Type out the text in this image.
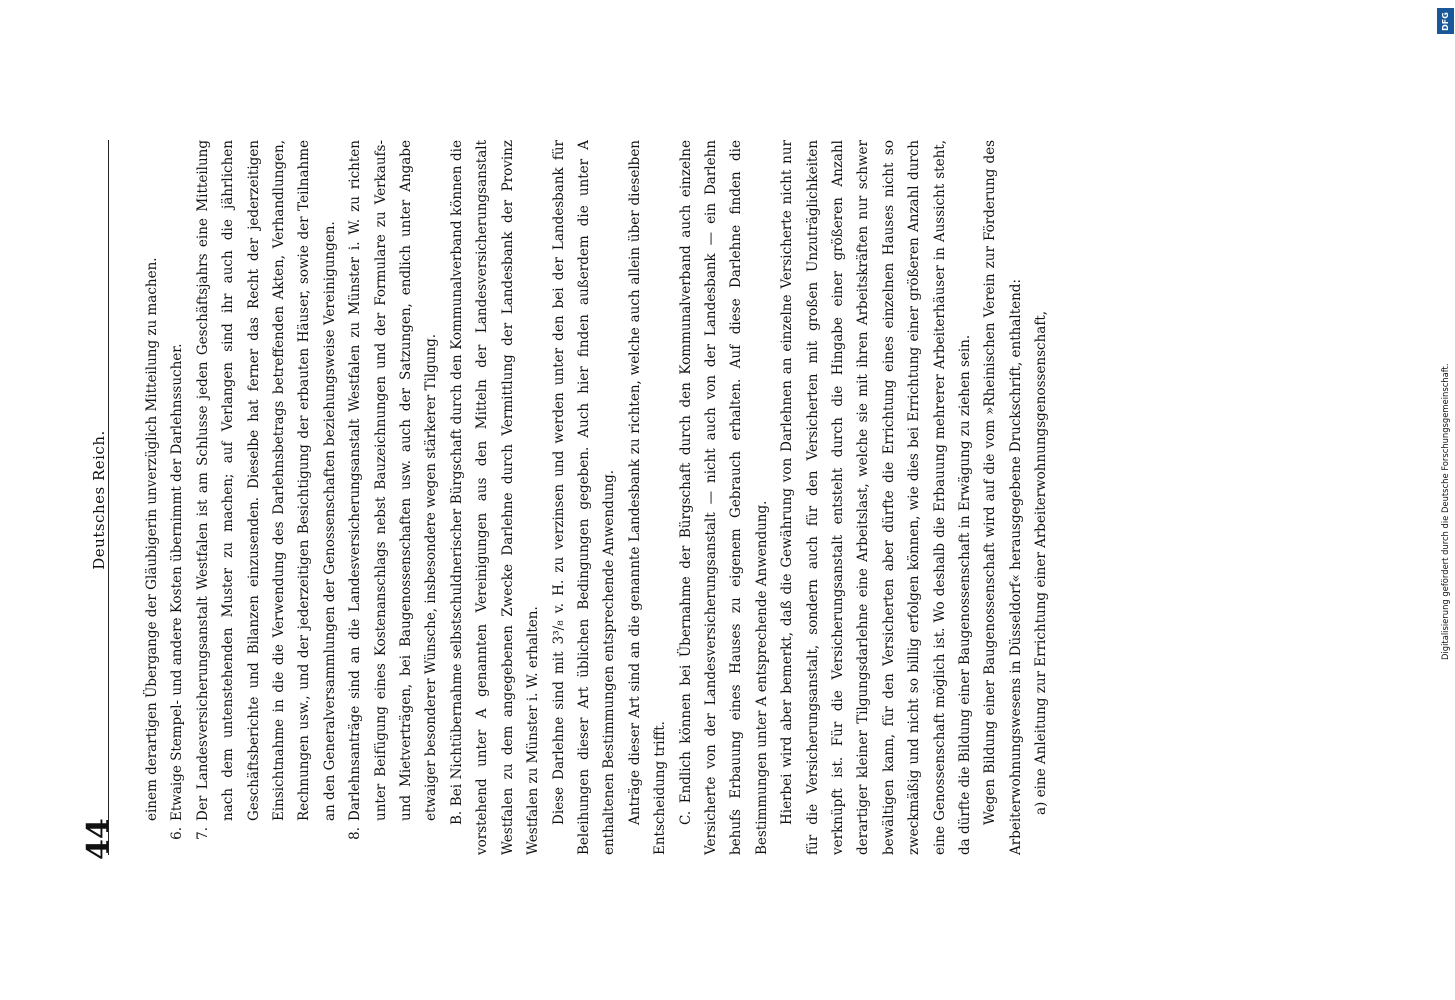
44
Deutsches Reich.	einem derartigen Übergange der Gläubigerin unverzüglich Mitteilung zu machen.

6.
Etwaige Stempel- und andere Kosten übernimmt der Darlehnssucher.

7.
Der Landesversicherungsanstalt Westfalen ist am Schlusse jeden Geschäftsjahrs eine Mitteilung nach dem untenstehenden Muster zu machen; auf Verlangen sind ihr auch die jährlichen Geschäftsberichte und Bilanzen einzusenden. Dieselbe hat ferner das Recht der jederzeitigen Einsichtnahme in die die Verwendung des Darlehnsbetrags betreffenden Akten, Verhandlungen, Rechnungen usw., und der jederzeitigen Besichtigung der erbauten Häuser, sowie der Teilnahme an den Generalversammlungen der Genossenschaften beziehungsweise Vereinigungen.

8.
Darlehnsanträge sind an die Landesversicherungsanstalt Westfalen zu Münster i. W. zu richten unter Beifügung eines Kostenanschlags nebst Bauzeichnungen und der Formulare zu Verkaufs- und Mietverträgen, bei Baugenossenschaften usw. auch der Satzungen, endlich unter Angabe etwaiger besonderer Wünsche, insbesondere wegen stärkerer Tilgung. B. Bei Nichtübernahme selbstschuldnerischer Bürgschaft durch den Kommunalverband können die vorstehend unter A genannten Vereinigungen aus den Mitteln der Landesversicherungsanstalt Westfalen zu dem angegebenen Zwecke Darlehne durch Vermittlung der Landesbank der Provinz Westfalen zu Münster i. W. erhalten. Diese Darlehne sind mit 3³/₈ v. H. zu verzinsen und werden unter den bei der Landesbank für Beleihungen dieser Art üblichen Bedingungen gegeben. Auch hier finden außerdem die unter A enthaltenen Bestimmungen entsprechende Anwendung. Anträge dieser Art sind an die genannte Landesbank zu richten, welche auch allein über dieselben Entscheidung trifft. C. Endlich können bei Übernahme der Bürgschaft durch den Kommunalverband auch einzelne Versicherte von der Landesversicherungsanstalt — nicht auch von der Landesbank — ein Darlehn behufs Erbauung eines Hauses zu eigenem Gebrauch erhalten. Auf diese Darlehne finden die Bestimmungen unter A entsprechende Anwendung. Hierbei wird aber bemerkt, daß die Gewährung von Darlehnen an einzelne Versicherte nicht nur für die Versicherungsanstalt, sondern auch für den Versicherten mit großen Unzuträglichkeiten verknüpft ist. Für die Versicherungsanstalt entsteht durch die Hingabe einer größeren Anzahl derartiger kleiner Tilgungsdarlehne eine Arbeitslast, welche sie mit ihren Arbeitskräften nur schwer bewältigen kann, für den Versicherten aber dürfte die Errichtung eines einzelnen Hauses nicht so zweckmäßig und nicht so billig erfolgen können, wie dies bei Errichtung einer größeren Anzahl durch eine Genossenschaft möglich ist. Wo deshalb die Erbauung mehrerer Arbeiterhäuser in Aussicht steht, da dürfte die Bildung einer Baugenossenschaft in Erwägung zu ziehen sein. Wegen Bildung einer Baugenossenschaft wird auf die vom »Rheinischen Verein zur Förderung des Arbeiterwohnungswesens in Düsseldorf« herausgegebene Druckschrift, enthaltend: a) eine Anleitung zur Errichtung einer Arbeiterwohnungsgenossenschaft,

DFG
Digitalisierung gefördert durch die Deutsche Forschungsgemeinschaft.
